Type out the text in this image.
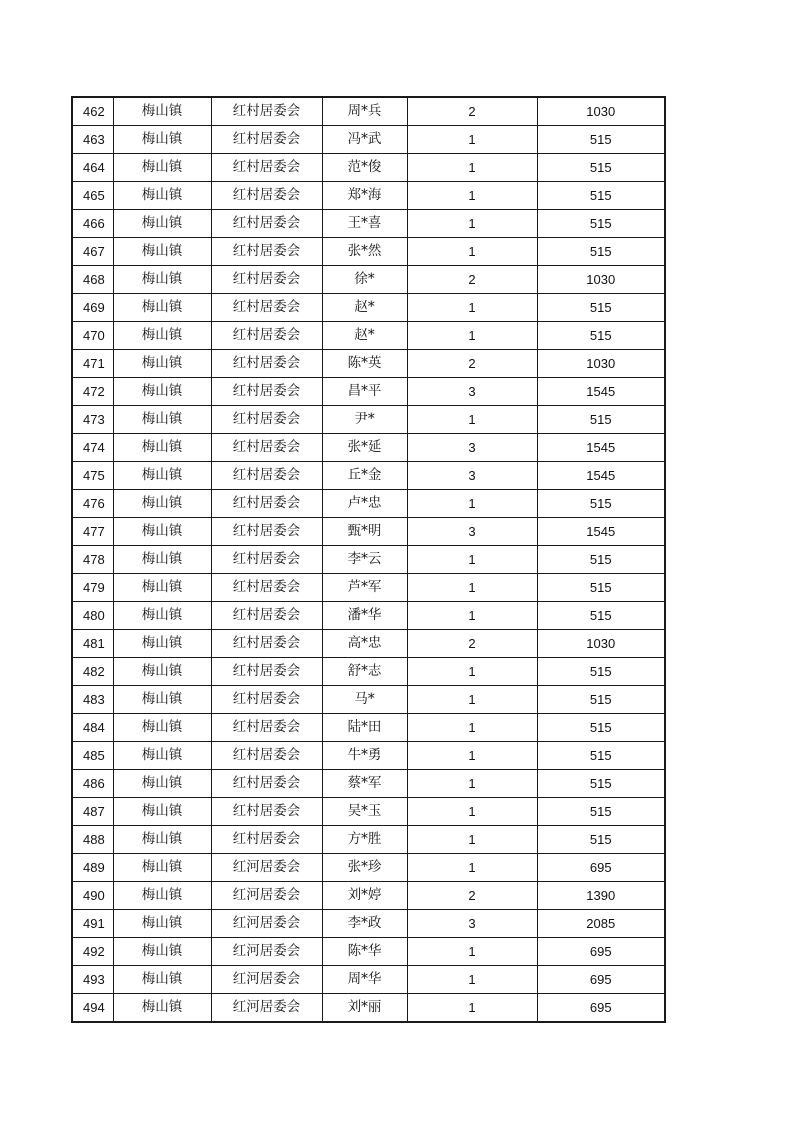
462	梅山镇	红村居委会	周*兵	2	1030
463	梅山镇	红村居委会	冯*武	1	515
464	梅山镇	红村居委会	范*俊	1	515
465	梅山镇	红村居委会	郑*海	1	515
466	梅山镇	红村居委会	王*喜	1	515
467	梅山镇	红村居委会	张*然	1	515
468	梅山镇	红村居委会	徐*	2	1030
469	梅山镇	红村居委会	赵*	1	515
470	梅山镇	红村居委会	赵*	1	515
471	梅山镇	红村居委会	陈*英	2	1030
472	梅山镇	红村居委会	昌*平	3	1545
473	梅山镇	红村居委会	尹*	1	515
474	梅山镇	红村居委会	张*延	3	1545
475	梅山镇	红村居委会	丘*金	3	1545
476	梅山镇	红村居委会	卢*忠	1	515
477	梅山镇	红村居委会	甄*明	3	1545
478	梅山镇	红村居委会	李*云	1	515
479	梅山镇	红村居委会	芦*军	1	515
480	梅山镇	红村居委会	潘*华	1	515
481	梅山镇	红村居委会	高*忠	2	1030
482	梅山镇	红村居委会	舒*志	1	515
483	梅山镇	红村居委会	马*	1	515
484	梅山镇	红村居委会	陆*田	1	515
485	梅山镇	红村居委会	牛*勇	1	515
486	梅山镇	红村居委会	蔡*军	1	515
487	梅山镇	红村居委会	吴*玉	1	515
488	梅山镇	红村居委会	方*胜	1	515
489	梅山镇	红河居委会	张*珍	1	695
490	梅山镇	红河居委会	刘*婷	2	1390
491	梅山镇	红河居委会	李*政	3	2085
492	梅山镇	红河居委会	陈*华	1	695
493	梅山镇	红河居委会	周*华	1	695
494	梅山镇	红河居委会	刘*丽	1	695
